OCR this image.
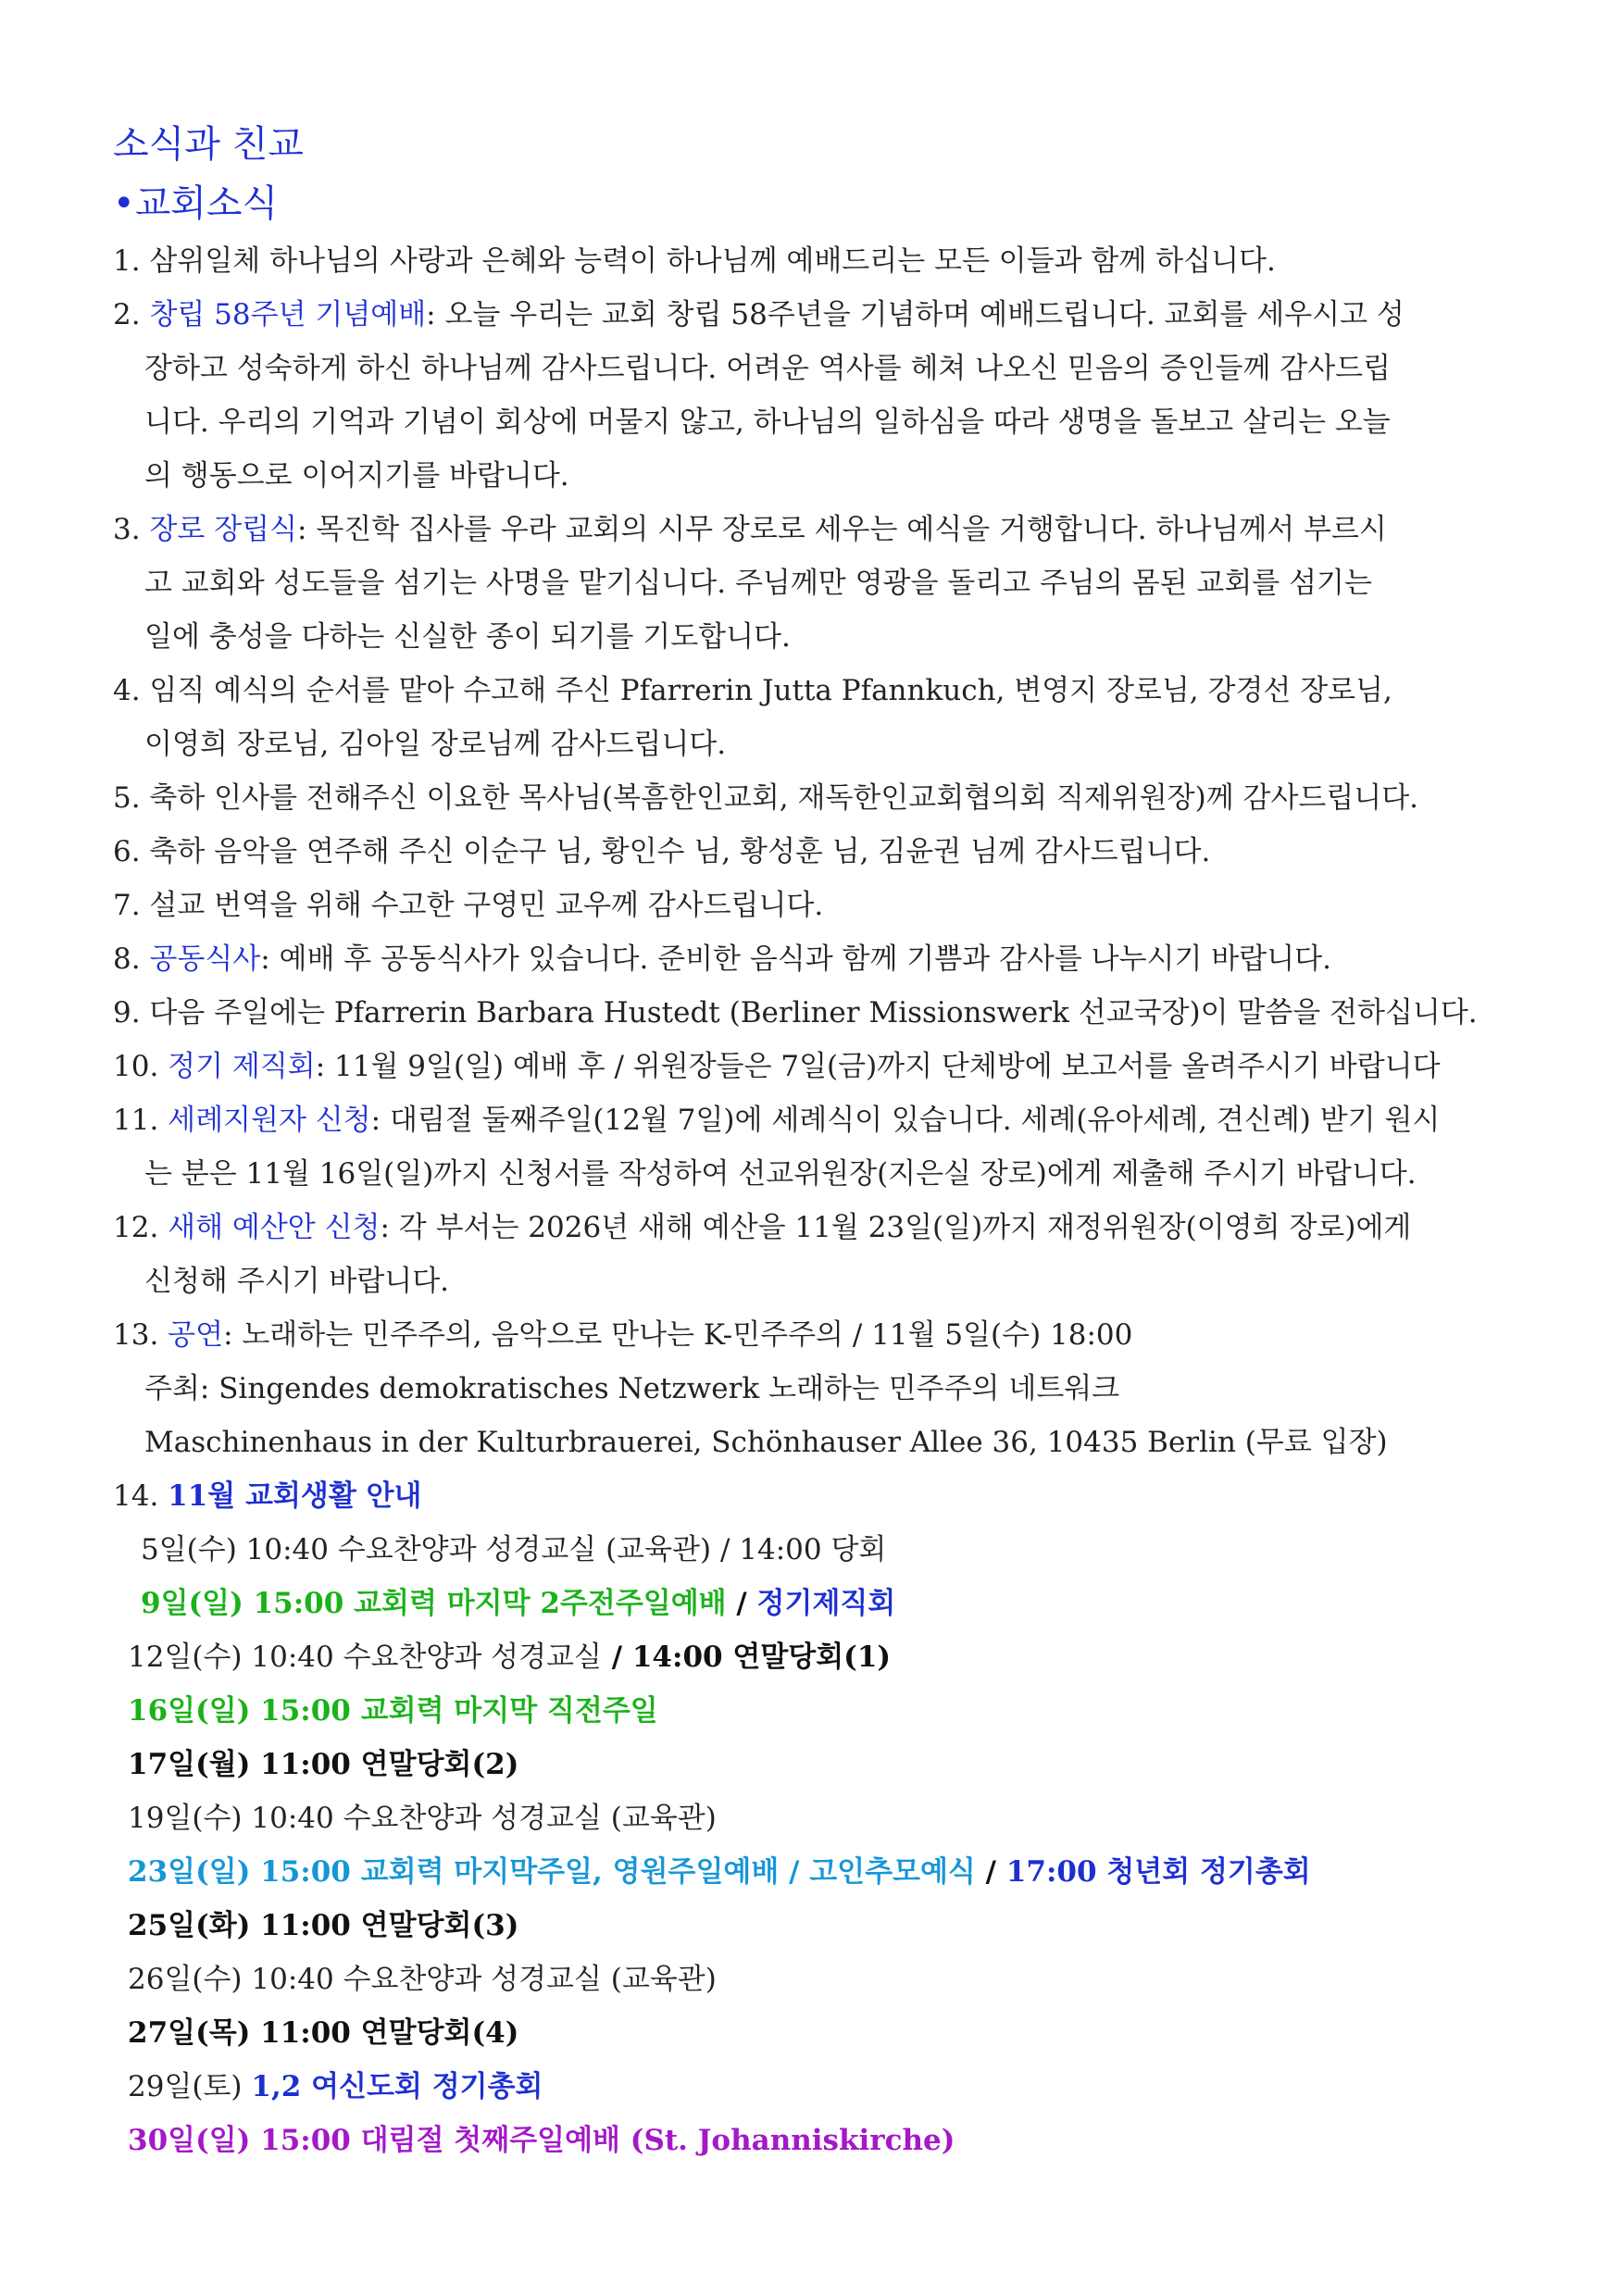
소식과 친교
•교회소식
1. 삼위일체 하나님의 사랑과 은혜와 능력이 하나님께 예배드리는 모든 이들과 함께 하십니다.
2. 창립 58주년 기념예배: 오늘 우리는 교회 창립 58주년을 기념하며 예배드립니다. 교회를 세우시고 성
장하고 성숙하게 하신 하나님께 감사드립니다. 어려운 역사를 헤쳐 나오신 믿음의 증인들께 감사드립
니다. 우리의 기억과 기념이 회상에 머물지 않고, 하나님의 일하심을 따라 생명을 돌보고 살리는 오늘
의 행동으로 이어지기를 바랍니다.
3. 장로 장립식: 목진학 집사를 우라 교회의 시무 장로로 세우는 예식을 거행합니다. 하나님께서 부르시
고 교회와 성도들을 섬기는 사명을 맡기십니다. 주님께만 영광을 돌리고 주님의 몸된 교회를 섬기는
일에 충성을 다하는 신실한 종이 되기를 기도합니다.
4. 임직 예식의 순서를 맡아 수고해 주신 Pfarrerin Jutta Pfannkuch, 변영지 장로님, 강경선 장로님,
이영희 장로님, 김아일 장로님께 감사드립니다.
5. 축하 인사를 전해주신 이요한 목사님(복흠한인교회, 재독한인교회협의회 직제위원장)께 감사드립니다.
6. 축하 음악을 연주해 주신 이순구 님, 황인수 님, 황성훈 님, 김윤권 님께 감사드립니다.
7. 설교 번역을 위해 수고한 구영민 교우께 감사드립니다.
8. 공동식사: 예배 후 공동식사가 있습니다. 준비한 음식과 함께 기쁨과 감사를 나누시기 바랍니다.
9. 다음 주일에는 Pfarrerin Barbara Hustedt (Berliner Missionswerk 선교국장)이 말씀을 전하십니다.
10. 정기 제직회: 11월 9일(일) 예배 후 / 위원장들은 7일(금)까지 단체방에 보고서를 올려주시기 바랍니다
11. 세례지원자 신청: 대림절 둘째주일(12월 7일)에 세례식이 있습니다. 세례(유아세례, 견신례) 받기 원시
는 분은 11월 16일(일)까지 신청서를 작성하여 선교위원장(지은실 장로)에게 제출해 주시기 바랍니다.
12. 새해 예산안 신청: 각 부서는 2026년 새해 예산을 11월 23일(일)까지 재정위원장(이영희 장로)에게
신청해 주시기 바랍니다.
13. 공연: 노래하는 민주주의, 음악으로 만나는 K-민주주의 / 11월 5일(수) 18:00
주최: Singendes demokratisches Netzwerk 노래하는 민주주의 네트워크
Maschinenhaus in der Kulturbrauerei, Schönhauser Allee 36, 10435 Berlin (무료 입장)
14. 11월 교회생활 안내
5일(수) 10:40 수요찬양과 성경교실 (교육관) / 14:00 당회
9일(일) 15:00 교회력 마지막 2주전주일예배 / 정기제직회
12일(수) 10:40 수요찬양과 성경교실 / 14:00 연말당회(1)
16일(일) 15:00 교회력 마지막 직전주일
17일(월) 11:00 연말당회(2)
19일(수) 10:40 수요찬양과 성경교실 (교육관)
23일(일) 15:00 교회력 마지막주일, 영원주일예배 / 고인추모예식 / 17:00 청년회 정기총회
25일(화) 11:00 연말당회(3)
26일(수) 10:40 수요찬양과 성경교실 (교육관)
27일(목) 11:00 연말당회(4)
29일(토) 1,2 여신도회 정기총회
30일(일) 15:00 대림절 첫째주일예배 (St. Johanniskirche)
